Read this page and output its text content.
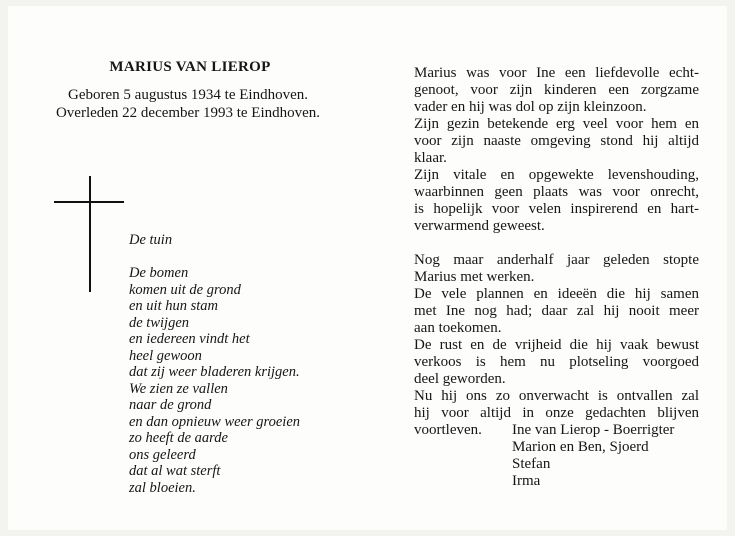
MARIUS VAN LIEROP
Geboren 5 augustus 1934 te Eindhoven.
Overleden 22 december 1993 te Eindhoven.
De tuin
De bomen
komen uit de grond
en uit hun stam
de twijgen
en iedereen vindt het
heel gewoon
dat zij weer bladeren krijgen.
We zien ze vallen
naar de grond
en dan opnieuw weer groeien
zo heeft de aarde
ons geleerd
dat al wat sterft
zal bloeien.
Marius was voor Ine een liefdevolle echt-
genoot, voor zijn kinderen een zorgzame
vader en hij was dol op zijn kleinzoon.
Zijn gezin betekende erg veel voor hem en
voor zijn naaste omgeving stond hij altijd
klaar.
Zijn vitale en opgewekte levenshouding,
waarbinnen geen plaats was voor onrecht,
is hopelijk voor velen inspirerend en hart-
verwarmend geweest.
Nog maar anderhalf jaar geleden stopte
Marius met werken.
De vele plannen en ideeën die hij samen
met Ine nog had; daar zal hij nooit meer
aan toekomen.
De rust en de vrijheid die hij vaak bewust
verkoos is hem nu plotseling voorgoed
deel geworden.
Nu hij ons zo onverwacht is ontvallen zal
hij voor altijd in onze gedachten blijven
voortleven.	Ine van Lierop - Boerrigter
Marion en Ben, Sjoerd
Stefan
Irma
